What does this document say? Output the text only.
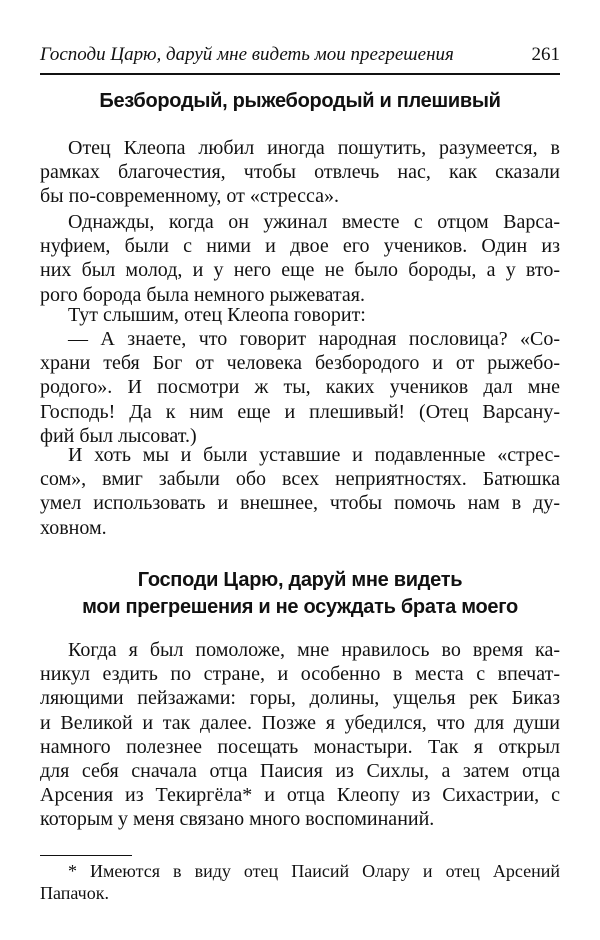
Господи Царю, даруй мне видеть мои прегрешения	261
Безбородый, рыжебородый и плешивый
Отец Клеопа любил иногда пошутить, разумеется, в
рамках благочестия, чтобы отвлечь нас, как сказали
бы по-современному, от «стресса».
Однажды, когда он ужинал вместе с отцом Варса-
нуфием, были с ними и двое его учеников. Один из
них был молод, и у него еще не было бороды, а у вто-
рого борода была немного рыжеватая.
Тут слышим, отец Клеопа говорит:
— А знаете, что говорит народная пословица? «Со-
храни тебя Бог от человека безбородого и от рыжебо-
родого». И посмотри ж ты, каких учеников дал мне
Господь! Да к ним еще и плешивый! (Отец Варсану-
фий был лысоват.)
И хоть мы и были уставшие и подавленные «стрес-
сом», вмиг забыли обо всех неприятностях. Батюшка
умел использовать и внешнее, чтобы помочь нам в ду-
ховном.
Господи Царю, даруй мне видеть
мои прегрешения и не осуждать брата моего
Когда я был помоложе, мне нравилось во время ка-
никул ездить по стране, и особенно в места с впечат-
ляющими пейзажами: горы, долины, ущелья рек Биказ
и Великой и так далее. Позже я убедился, что для души
намного полезнее посещать монастыри. Так я открыл
для себя сначала отца Паисия из Сихлы, а затем отца
Арсения из Текиргёла* и отца Клеопу из Сихастрии, с
которым у меня связано много воспоминаний.
* Имеются в виду отец Паисий Олару и отец Арсений
Папачок.
